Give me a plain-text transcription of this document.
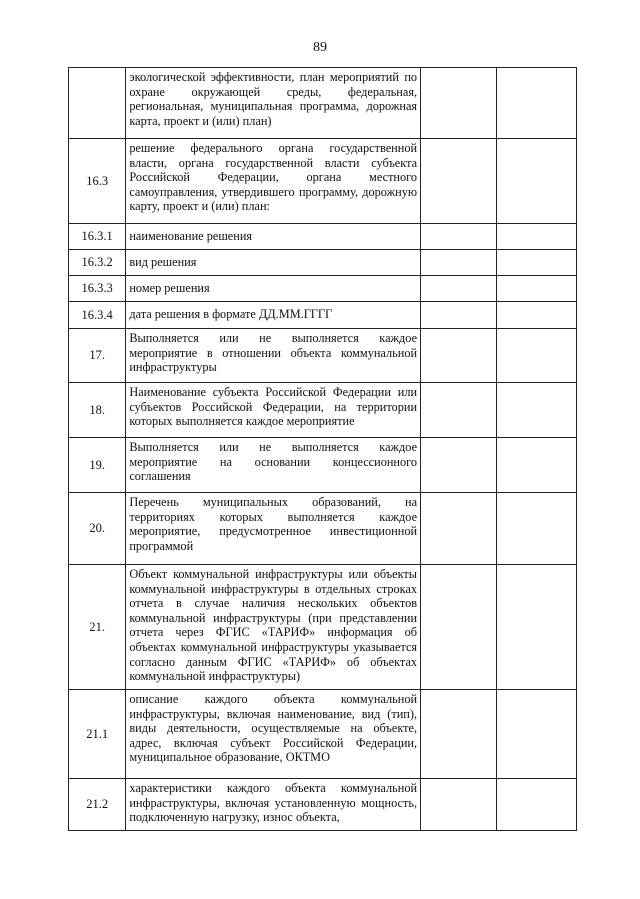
89

	экологической эффективности, план мероприятий по охране окружающей среды, федеральная, региональная, муниципальная программа, дорожная карта, проект и (или) план)		

16.3	решение федерального органа государственной власти, органа государственной власти субъекта Российской Федерации, органа местного самоуправления, утвердившего программу, дорожную карту, проект и (или) план:		

16.3.1	наименование решения		

16.3.2	вид решения		

16.3.3	номер решения		

16.3.4	дата решения в формате ДД.ММ.ГГГГ		

17.	Выполняется или не выполняется каждое мероприятие в отношении объекта коммунальной инфраструктуры		

18.	Наименование субъекта Российской Федерации или субъектов Российской Федерации, на территории которых выполняется каждое мероприятие		

19.	Выполняется или не выполняется каждое мероприятие на основании концессионного соглашения		

20.	Перечень муниципальных образований, на территориях которых выполняется каждое мероприятие, предусмотренное инвестиционной программой		

21.	Объект коммунальной инфраструктуры или объекты коммунальной инфраструктуры в отдельных строках отчета в случае наличия нескольких объектов коммунальной инфраструктуры (при представлении отчета через ФГИС «ТАРИФ» информация об объектах коммунальной инфраструктуры указывается согласно данным ФГИС «ТАРИФ» об объектах коммунальной инфраструктуры)		

21.1	описание каждого объекта коммунальной инфраструктуры, включая наименование, вид (тип), виды деятельности, осуществляемые на объекте, адрес, включая субъект Российской Федерации, муниципальное образование, ОКТМО		

21.2	характеристики каждого объекта коммунальной инфраструктуры, включая установленную мощность, подключенную нагрузку, износ объекта,		
